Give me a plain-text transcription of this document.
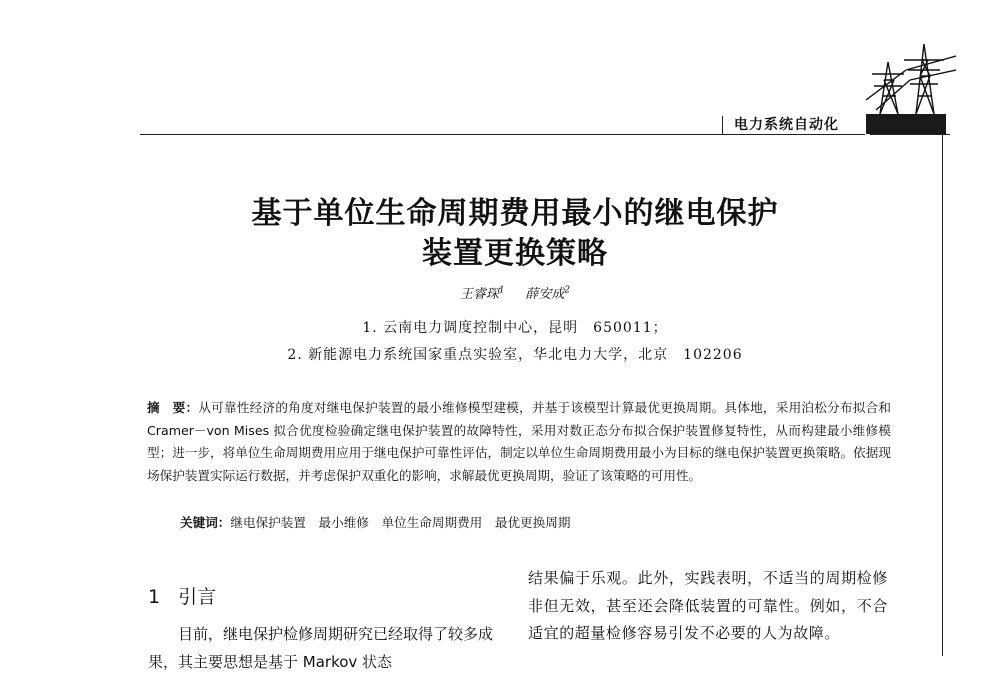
电力系统自动化
基于单位生命周期费用最小的继电保护
装置更换策略
王睿琛$^1$ 薛安成$^2$
1. 云南电力调度控制中心，昆明　650011；
2. 新能源电力系统国家重点实验室，华北电力大学，北京　102206
摘　要：从可靠性经济的角度对继电保护装置的最小维修模型建模，并基于该模型计算最优更换周期。具体地，采用泊松分布拟合和 Cramer－von Mises 拟合优度检验确定继电保护装置的故障特性，采用对数正态分布拟合保护装置修复特性，从而构建最小维修模型；进一步，将单位生命周期费用应用于继电保护可靠性评估，制定以单位生命周期费用最小为目标的继电保护装置更换策略。依据现场保护装置实际运行数据，并考虑保护双重化的影响，求解最优更换周期，验证了该策略的可用性。
关键词：继电保护装置　最小维修　单位生命周期费用　最优更换周期
1 引言
目前，继电保护检修周期研究已经取得了较多成果，其主要思想是基于 Markov 状态
结果偏于乐观。此外，实践表明，不适当的周期检修非但无效，甚至还会降低装置的可靠性。例如，不合适宜的超量检修容易引发不必要的人为故障。
